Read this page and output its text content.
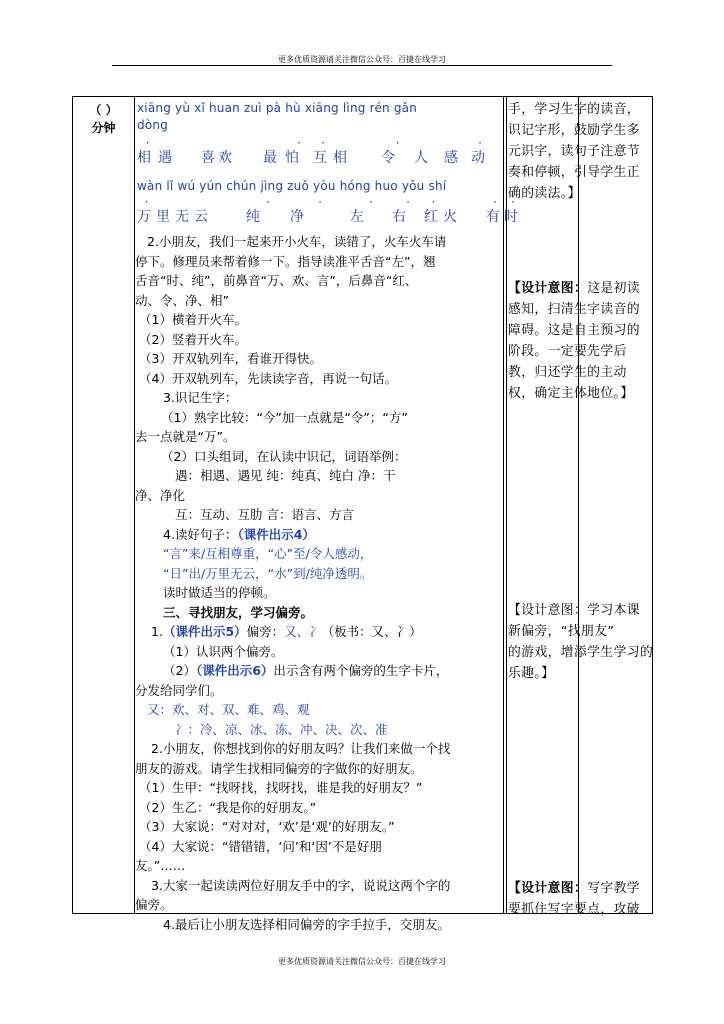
更多优质资源请关注微信公众号：百捷在线学习
（ ）
分钟
xiāng yù xǐ huan zuì pà hù xiāng lìng rén gǎn
dòng
相 遇 喜 欢 最 怕 互 相 令 人 感 动
wàn lǐ wú yún chún jìng zuǒ yòu hóng huo yǒu shí
万 里 无 云	纯 净	左 右 红 火 有 时
2.小朋友，我们一起来开小火车，读错了，火车火车请
停下。修理员来帮着修一下。指导读准平舌音“左”，翘
舌音“时、纯”，前鼻音“万、欢、言”，后鼻音“红、
动、令、净、相”
（1）横着开火车。
（2）竖着开火车。
（3）开双轨列车，看谁开得快。
（4）开双轨列车，先读读字音，再说一句话。
3.识记生字：
（1）熟字比较：“今”加一点就是“令”；“方”
去一点就是“万”。
（2）口头组词，在认读中识记，词语举例：
遇：相遇、遇见 纯：纯真、纯白 净：干
净、净化
互：互动、互肋 言：语言、方言
4.读好句子：（课件出示4）
“言”来/互相尊重，“心”至/令人感动，
“日”出/万里无云，“水”到/纯净透明。
读时做适当的停顿。
三、寻找朋友，学习偏旁。
1.（课件出示5）偏旁：又、冫（板书：又、冫）
（1）认识两个偏旁。
（2）（课件出示6）出示含有两个偏旁的生字卡片，
分发给同学们。
又：欢、对、双、难、鸡、观
冫：冷、凉、冰、冻、冲、决、次、准
2.小朋友，你想找到你的好朋友吗？让我们来做一个找
朋友的游戏。请学生找相同偏旁的字做你的好朋友。
（1）生甲：“找呀找，找呀找，谁是我的好朋友？”
（2）生乙：“我是你的好朋友。”
（3）大家说：“对对对，‘欢’是‘观’的好朋友。”
（4）大家说：“错错错，‘问’和‘因’不是好朋
友。”……
3.大家一起读读两位好朋友手中的字，说说这两个字的
偏旁。
4.最后让小朋友选择相同偏旁的字手拉手，交朋友。
手，学习生字的读音，
识记字形，鼓励学生多
元识字，读句子注意节
奏和停顿，引导学生正
确的读法。】
【设计意图：这是初读
感知，扫清生字读音的
障碍。这是自主预习的
阶段。一定要先学后
教，归还学生的主动
权，确定主体地位。】
【设计意图：学习本课
新偏旁，“找朋友”
的游戏，增添学生学习的
乐趣。】
【设计意图：写字教学
要抓住写字要点，攻破
更多优质资源请关注微信公众号：百捷在线学习
